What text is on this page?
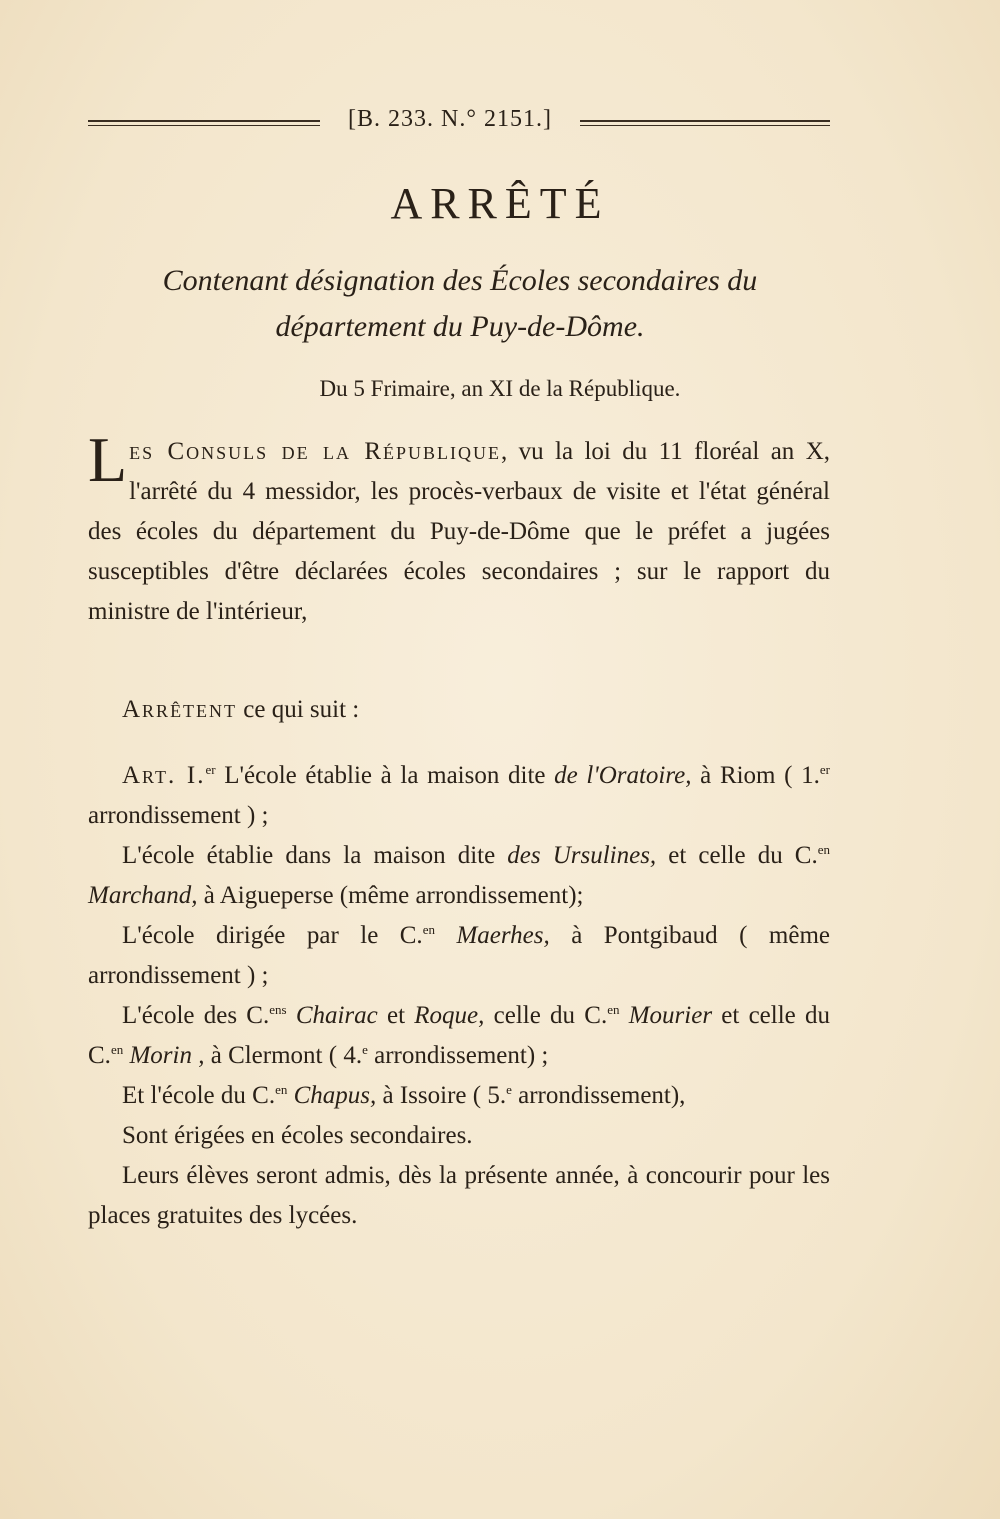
[B. 233. N.° 2151.]
ARRÊTÉ
Contenant désignation des Écoles secondaires du
département du Puy-de-Dôme.
Du 5 Frimaire, an XI de la République.
Les Consuls de la République, vu la loi du 11 floréal an X, l'arrêté du 4 messidor, les procès-verbaux de visite et l'état général des écoles du département du Puy-de-Dôme que le préfet a jugées susceptibles d'être déclarées écoles secondaires ; sur le rapport du ministre de l'intérieur,
Arrêtent ce qui suit :
Art. I.$^{er}$ L'école établie à la maison dite de l'Oratoire, à Riom ( 1.$^{er}$ arrondissement ) ;
L'école établie dans la maison dite des Ursulines, et celle du C.$^{en}$ Marchand, à Aigueperse (même arrondissement);
L'école dirigée par le C.$^{en}$ Maerhes, à Pontgibaud ( même arrondissement ) ;
L'école des C.$^{ens}$ Chairac et Roque, celle du C.$^{en}$ Mourier et celle du C.$^{en}$ Morin , à Clermont ( 4.$^e$ arrondissement) ;
Et l'école du C.$^{en}$ Chapus, à Issoire ( 5.$^e$ arrondissement),
Sont érigées en écoles secondaires.
Leurs élèves seront admis, dès la présente année, à concourir pour les places gratuites des lycées.
